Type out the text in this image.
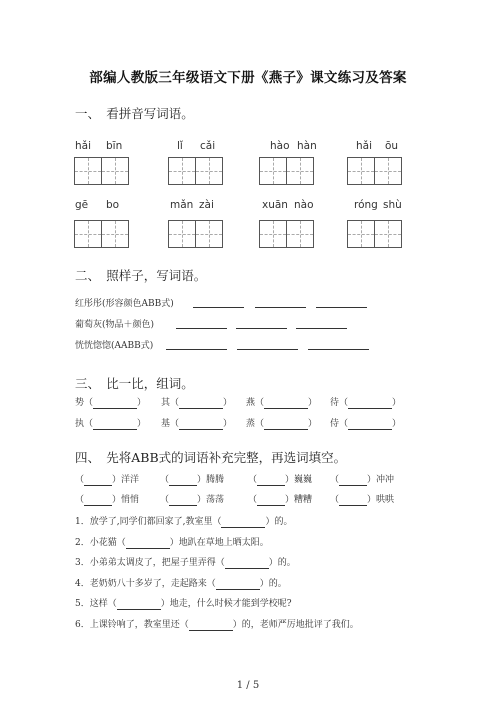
部编人教版三年级语文下册《燕子》课文练习及答案
一、　看拼音写词语。
hǎi bīn	lǐ cǎi	hào hàn	hǎi ōu
gē bo	mǎn zài	xuān nào	róng shù
二、　照样子，写词语。
红彤彤(形容颜色ABB式)
葡萄灰(物品＋颜色)
恍恍惚惚(AABB式)
三、　比一比，组词。
势（	） 其（	） 燕（	） 待（	）
执（	） 基（	） 蒸（	） 侍（	）
四、　先将ABB式的词语补充完整，再选词填空。
（	）洋洋 （	）腾腾	（	）巍巍 （	）冲冲
（	）悄悄 （	）荡荡	（	）糟糟 （	）哄哄
1．放学了,同学们都回家了,教室里（	）的。
2．小花猫（	）地趴在草地上晒太阳。
3．小弟弟太调皮了，把屋子里弄得（	）的。
4．老奶奶八十多岁了，走起路来（	）的。
5．这样（	）地走，什么时候才能到学校呢?
6．上课铃响了，教室里还（	）的，老师严厉地批评了我们。
1 / 5
